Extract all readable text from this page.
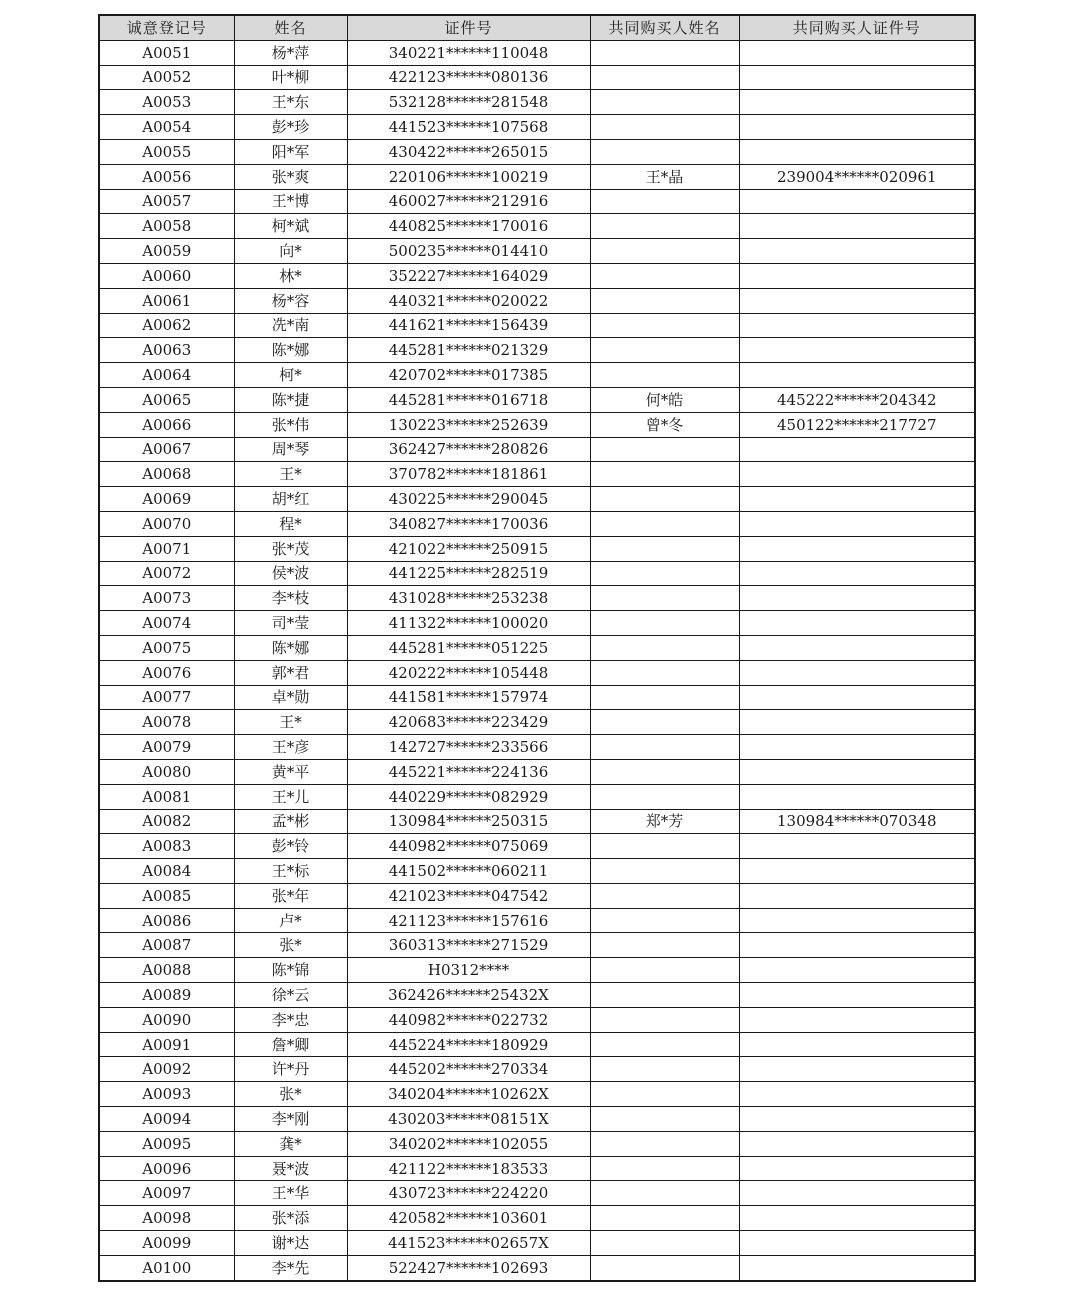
诚意登记号	姓名	证件号	共同购买人姓名	共同购买人证件号
A0051	杨*萍	340221******110048		
A0052	叶*柳	422123******080136		
A0053	王*东	532128******281548		
A0054	彭*珍	441523******107568		
A0055	阳*军	430422******265015		
A0056	张*爽	220106******100219	王*晶	239004******020961
A0057	王*博	460027******212916		
A0058	柯*斌	440825******170016		
A0059	向*	500235******014410		
A0060	林*	352227******164029		
A0061	杨*容	440321******020022		
A0062	冼*南	441621******156439		
A0063	陈*娜	445281******021329		
A0064	柯*	420702******017385		
A0065	陈*捷	445281******016718	何*皓	445222******204342
A0066	张*伟	130223******252639	曾*冬	450122******217727
A0067	周*琴	362427******280826		
A0068	王*	370782******181861		
A0069	胡*红	430225******290045		
A0070	程*	340827******170036		
A0071	张*茂	421022******250915		
A0072	侯*波	441225******282519		
A0073	李*枝	431028******253238		
A0074	司*莹	411322******100020		
A0075	陈*娜	445281******051225		
A0076	郭*君	420222******105448		
A0077	卓*勋	441581******157974		
A0078	王*	420683******223429		
A0079	王*彦	142727******233566		
A0080	黄*平	445221******224136		
A0081	王*儿	440229******082929		
A0082	孟*彬	130984******250315	郑*芳	130984******070348
A0083	彭*铃	440982******075069		
A0084	王*标	441502******060211		
A0085	张*年	421023******047542		
A0086	卢*	421123******157616		
A0087	张*	360313******271529		
A0088	陈*锦	H0312****		
A0089	徐*云	362426******25432X		
A0090	李*忠	440982******022732		
A0091	詹*卿	445224******180929		
A0092	许*丹	445202******270334		
A0093	张*	340204******10262X		
A0094	李*刚	430203******08151X		
A0095	龚*	340202******102055		
A0096	聂*波	421122******183533		
A0097	王*华	430723******224220		
A0098	张*添	420582******103601		
A0099	谢*达	441523******02657X		
A0100	李*先	522427******102693		
